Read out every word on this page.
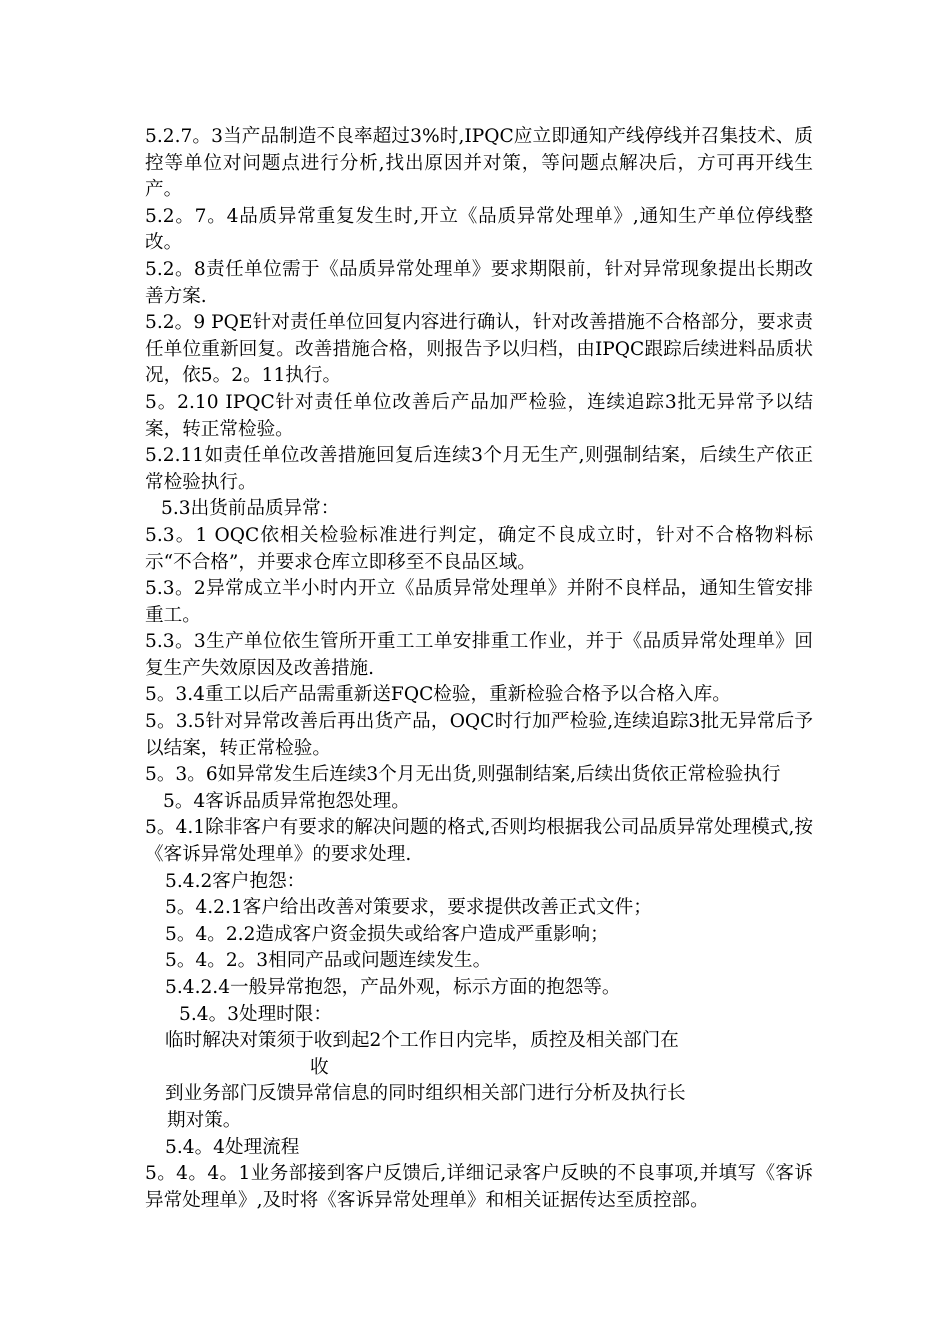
5.2.7。3当产品制造不良率超过3%时,IPQC应立即通知产线停线并召集技术、质控等单位对问题点进行分析,找出原因并对策，等问题点解决后，方可再开线生产。

5.2。7。4品质异常重复发生时,开立《品质异常处理单》,通知生产单位停线整改。

5.2。8责任单位需于《品质异常处理单》要求期限前，针对异常现象提出长期改善方案.

5.2。9 PQE针对责任单位回复内容进行确认，针对改善措施不合格部分，要求责任单位重新回复。改善措施合格，则报告予以归档，由IPQC跟踪后续进料品质状况，依5。2。11执行。

5。2.10 IPQC针对责任单位改善后产品加严检验，连续追踪3批无异常予以结案，转正常检验。

5.2.11如责任单位改善措施回复后连续3个月无生产,则强制结案，后续生产依正常检验执行。

5.3出货前品质异常：

5.3。1 OQC依相关检验标准进行判定，确定不良成立时，针对不合格物料标示“不合格”，并要求仓库立即移至不良品区域。

5.3。2异常成立半小时内开立《品质异常处理单》并附不良样品，通知生管安排重工。

5.3。3生产单位依生管所开重工工单安排重工作业，并于《品质异常处理单》回复生产失效原因及改善措施.

5。3.4重工以后产品需重新送FQC检验，重新检验合格予以合格入库。

5。3.5针对异常改善后再出货产品，OQC时行加严检验,连续追踪3批无异常后予以结案，转正常检验。

5。3。6如异常发生后连续3个月无出货,则强制结案,后续出货依正常检验执行

5。4客诉品质异常抱怨处理。

5。4.1除非客户有要求的解决问题的格式,否则均根据我公司品质异常处理模式,按《客诉异常处理单》的要求处理.

5.4.2客户抱怨：

5。4.2.1客户给出改善对策要求，要求提供改善正式文件；

5。4。2.2造成客户资金损失或给客户造成严重影响；

5。4。2。3相同产品或问题连续发生。

5.4.2.4一般异常抱怨，产品外观，标示方面的抱怨等。

5.4。3处理时限：

临时解决对策须于收到起2个工作日内完毕，质控及相关部门在
收
到业务部门反馈异常信息的同时组织相关部门进行分析及执行长
期对策。

5.4。4处理流程

5。4。4。1业务部接到客户反馈后,详细记录客户反映的不良事项,并填写《客诉异常处理单》,及时将《客诉异常处理单》和相关证据传达至质控部。
